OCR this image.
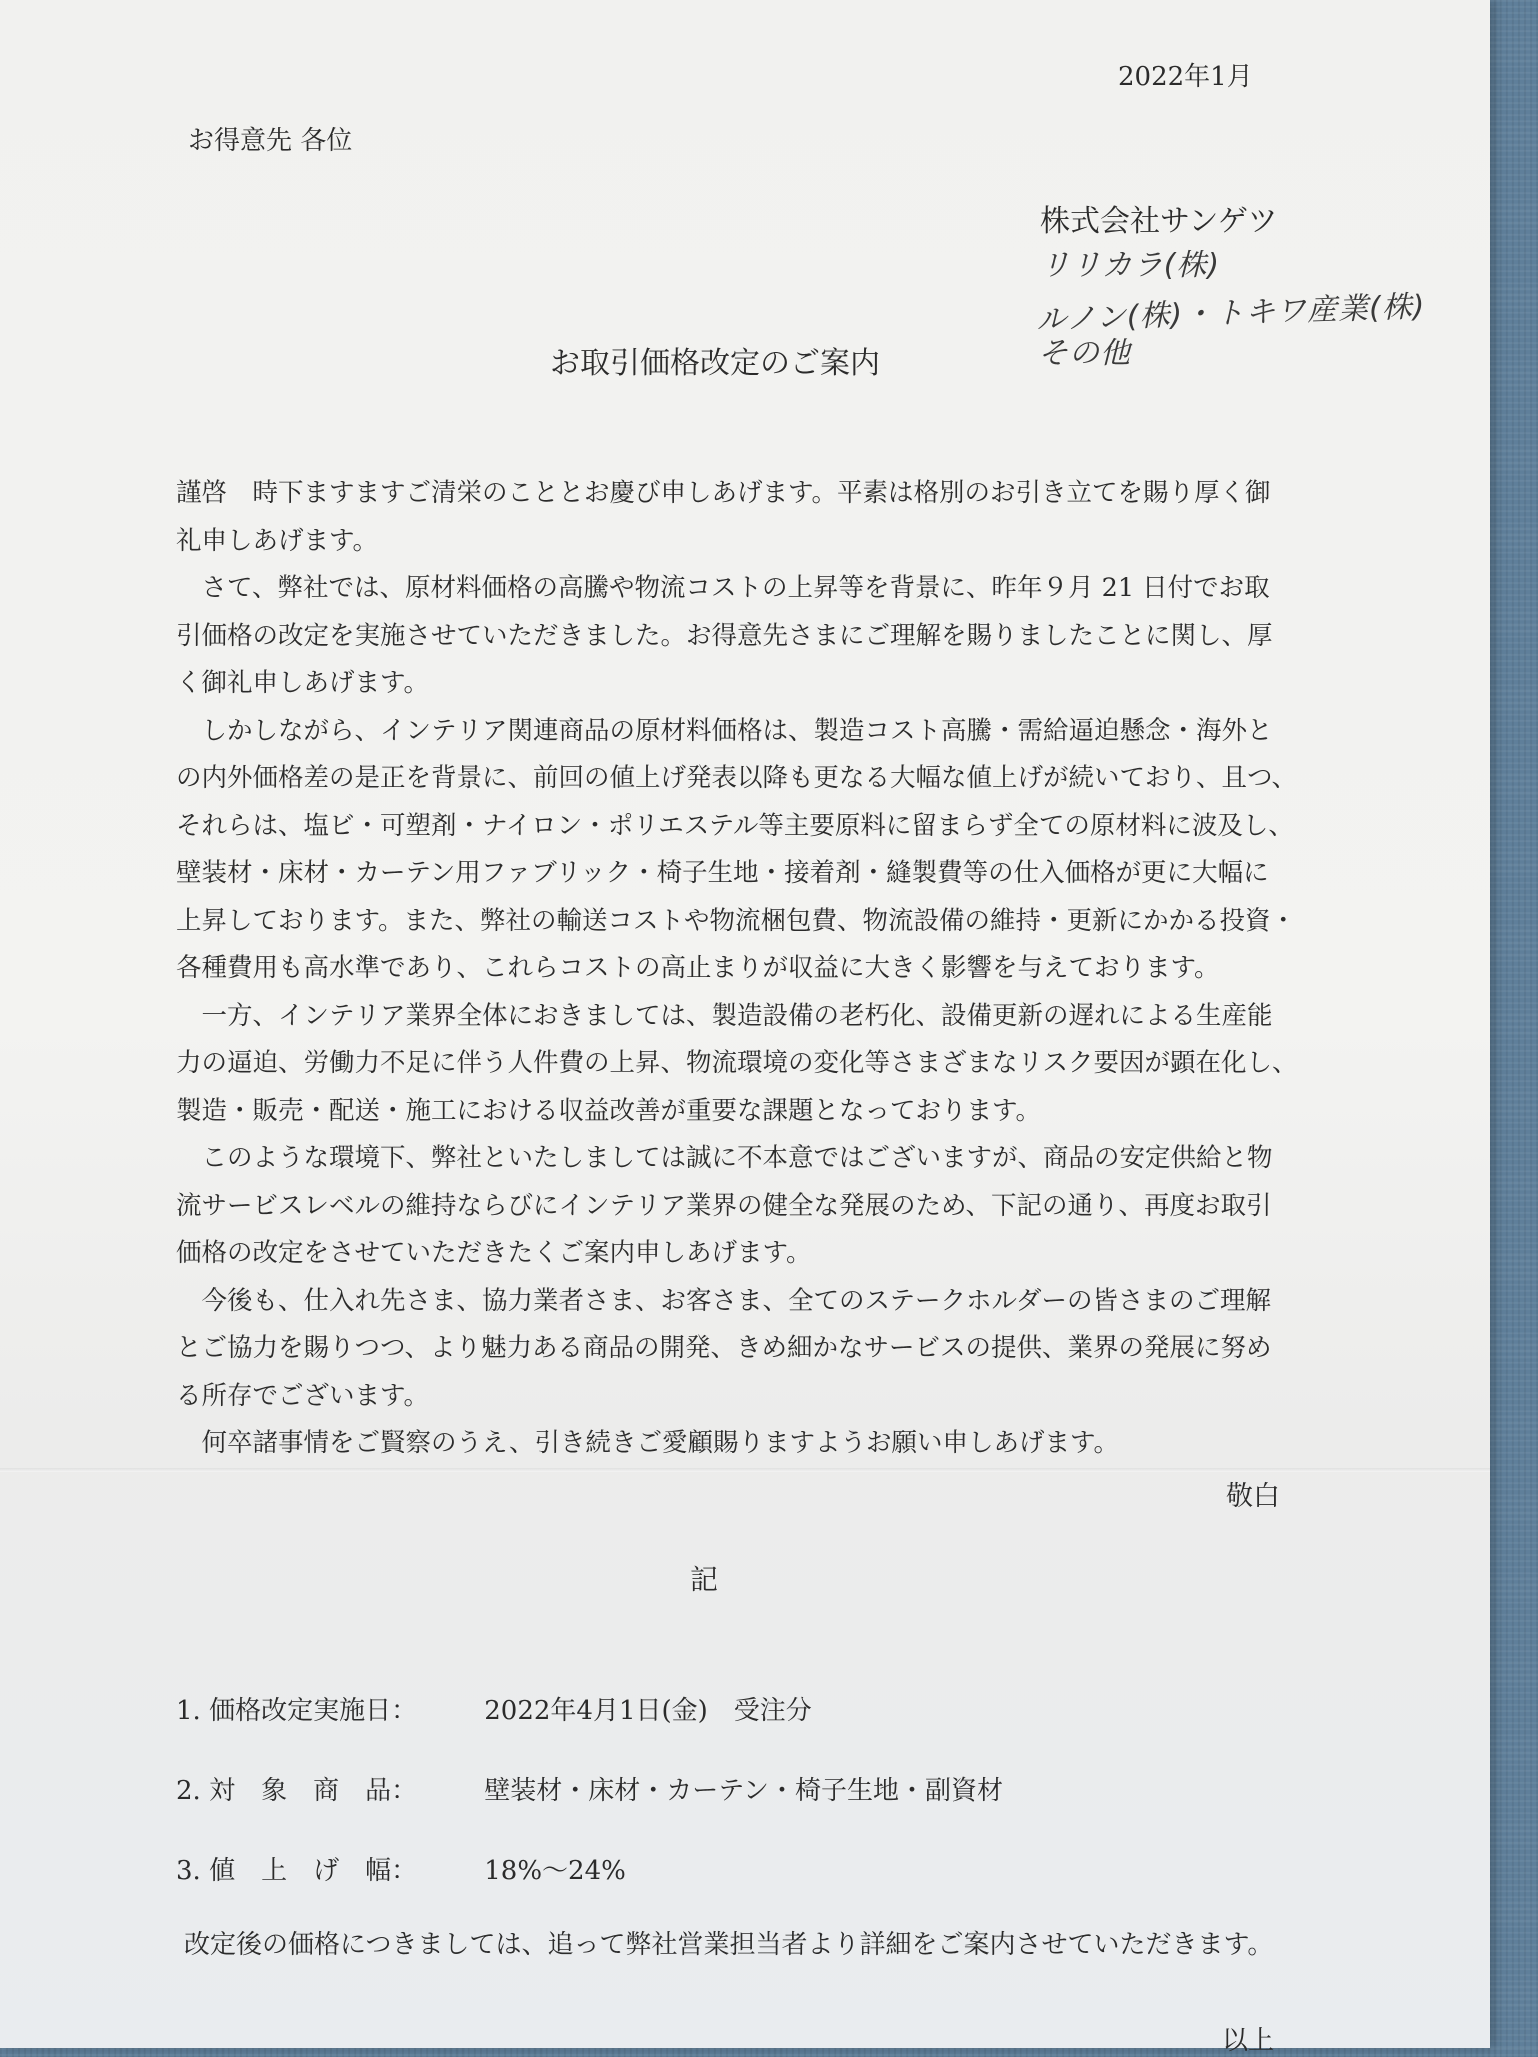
2022年1月
お得意先 各位
株式会社サンゲツ
リリカラ(株)
ルノン(株)・トキワ産業(株)
その他
お取引価格改定のご案内
謹啓　時下ますますご清栄のこととお慶び申しあげます。平素は格別のお引き立てを賜り厚く御
礼申しあげます。
　さて、弊社では、原材料価格の高騰や物流コストの上昇等を背景に、昨年９月 21 日付でお取
引価格の改定を実施させていただきました。お得意先さまにご理解を賜りましたことに関し、厚
く御礼申しあげます。
　しかしながら、インテリア関連商品の原材料価格は、製造コスト高騰・需給逼迫懸念・海外と
の内外価格差の是正を背景に、前回の値上げ発表以降も更なる大幅な値上げが続いており、且つ、
それらは、塩ビ・可塑剤・ナイロン・ポリエステル等主要原料に留まらず全ての原材料に波及し、
壁装材・床材・カーテン用ファブリック・椅子生地・接着剤・縫製費等の仕入価格が更に大幅に
上昇しております。また、弊社の輸送コストや物流梱包費、物流設備の維持・更新にかかる投資・
各種費用も高水準であり、これらコストの高止まりが収益に大きく影響を与えております。
　一方、インテリア業界全体におきましては、製造設備の老朽化、設備更新の遅れによる生産能
力の逼迫、労働力不足に伴う人件費の上昇、物流環境の変化等さまざまなリスク要因が顕在化し、
製造・販売・配送・施工における収益改善が重要な課題となっております。
　このような環境下、弊社といたしましては誠に不本意ではございますが、商品の安定供給と物
流サービスレベルの維持ならびにインテリア業界の健全な発展のため、下記の通り、再度お取引
価格の改定をさせていただきたくご案内申しあげます。
　今後も、仕入れ先さま、協力業者さま、お客さま、全てのステークホルダーの皆さまのご理解
とご協力を賜りつつ、より魅力ある商品の開発、きめ細かなサービスの提供、業界の発展に努め
る所存でございます。
　何卒諸事情をご賢察のうえ、引き続きご愛顧賜りますようお願い申しあげます。
敬白
記
1. 価格改定実施日：	2022年4月1日(金)　受注分
2. 対　象　商　品：	壁装材・床材・カーテン・椅子生地・副資材
3. 値　上　げ　幅：	18%～24%
改定後の価格につきましては、追って弊社営業担当者より詳細をご案内させていただきます。
以上
